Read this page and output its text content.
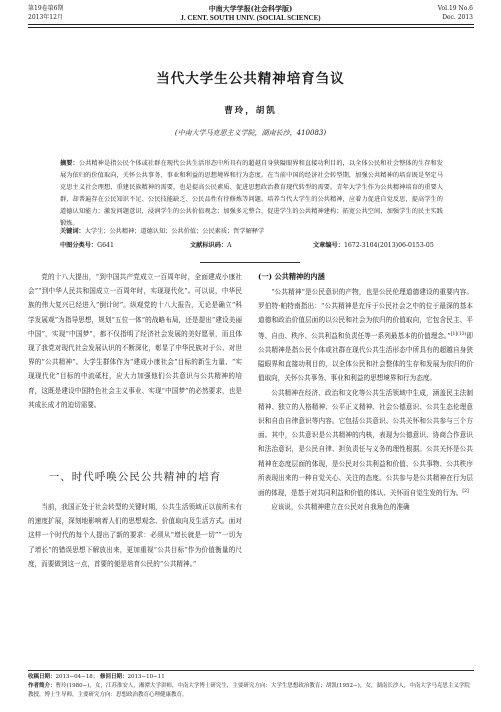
第19卷第6期
2013年12月
中南大学学报(社会科学版)
J. CENT. SOUTH UNIV. (SOCIAL SCIENCE)
Vol.19 No.6
Dec. 2013
当代大学生公共精神培育刍议
曹玲，胡凯
(中南大学马克思主义学院，湖南长沙，410083)
摘要：公共精神是指公民个体或社群在现代公共生活形态中所具有的超越自身狭隘眼界和直接功利目的，以全体公民和社会整体的生存和发展为依归的价值取向，关怀公共事务、事业和利益的思想境界和行为态度。在当前中国的经济社会转型期，加强公共精神的培育既是坚定马克思主义社会理想、重建民族精神的需要，也是提高公民素质、促进思想政治教育现代转型的需要。青年大学生作为公共精神培育的重要人群，却普遍存在公民知识不足、公民技能缺乏、公民品性有待修炼等问题。培养当代大学生的公共精神，应着力促进自觉反思，提高学生的道德认知能力；激发问题意识，浸润学生的公共价值观念；加强多元整合，促进学生的公共精神建构；拓宽公共空间，加强学生的民主实践锻炼。
关键词：大学生；公共精神；道德认知；公共价值；公民素质；哲学解释学
中图分类号：G641	文献标识码：A	文章编号：1672-3104(2013)06-0153-05

党的十八大提出，“到中国共产党成立一百周年时，全面建成小康社会”“到中华人民共和国成立一百周年时，实现现代化”。可以说，中华民族的伟大复兴已经进入“倒计时”。纵观党的十八大报告，无论是确立“科学发展观”为指导思想，规划“五位一体”的战略布局，还是提出“建设美丽中国”，实现“中国梦”，都不仅指明了经济社会发展的美好愿景，而且体现了我党对现代社会发展认识的不断深化，彰显了中华民族对于公、对世界的“公共精神”。大学生群体作为“建成小康社会”目标的新生力量、“实现现代化”目标的中流砥柱，应大力加强他们公共意识与公共精神的培育，这既是建设中国特色社会主义事业、实现“中国梦”的必然要求，也是其成长成才的迫切需要。

一、时代呼唤公民公共精神的培育

当前，我国正处于社会转型的关键时期，公共生活领域正以前所未有的速度扩展，深刻地影响着人们的思想观念、价值取向及生活方式。面对这样一个时代的每个人提出了新的要求：必须从“增长就是一切”“一切为了增长”的错误思想下解放出来，更加重视“公共目标”作为价值衡量的尺度，而要做到这一点，首要的便是培育公民的“公共精神。”

(一) 公共精神的内涵

“公共精神”是公民意识的产物，也是公民伦理道德建设的重要内容。罗伯特·帕特南指出：“公共精神是充斥于公民社会之中的位于最深的基本道德和政治价值层面的以公民和社会为依归的价值取向，它包含民主、平等、自由、秩序、公共利益和负责任等一系列最基本的价值理念。”$^{[1](13)}$即公共精神是指公民个体或社群在现代公共生活形态中所具有的超越自身狭隘眼界和直接功利目的，以全体公民和社会整体的生存和发展为依归的价值取向，关怀公共事务、事业和利益的思想境界和行为态度。

公共精神在经济、政治和文化等公共生活领域中生成，涵盖民主法制精神、独立的人格精神、公平正义精神、社会公德意识、公共生态伦理意识和自由自律意识等内容。它包括公共意识、公共关怀和公共参与三个方面。其中，公共意识是公共精神的内核，表现为公德意识、协商合作意识和法治意识，是公民自律、担负责任与义务的理性根据。公共关怀是公共精神在态度层面的体现，是公民对公共利益和价值、公共事物、公共秩序所表现出来的一种自觉关心、关注的态度。公共参与是公共精神在行为层面的体现，是基于对共同利益和价值的体认、关怀而自觉生发的行为。[2]

应该说，公共精神建立在公民对自我角色的准确

收稿日期：2013−04−18； 修回日期：2013−10−11
作者简介：曹玲(1980−)，女，江苏淮安人，湘潭大学讲师，中南大学博士研究生，主要研究方向：大学生思想政治教育；胡凯(1952−)，女，湖南长沙人，中南大学马克思主义学院教授，博士生导师，主要研究方向：思想政治教育心理健康教育。
